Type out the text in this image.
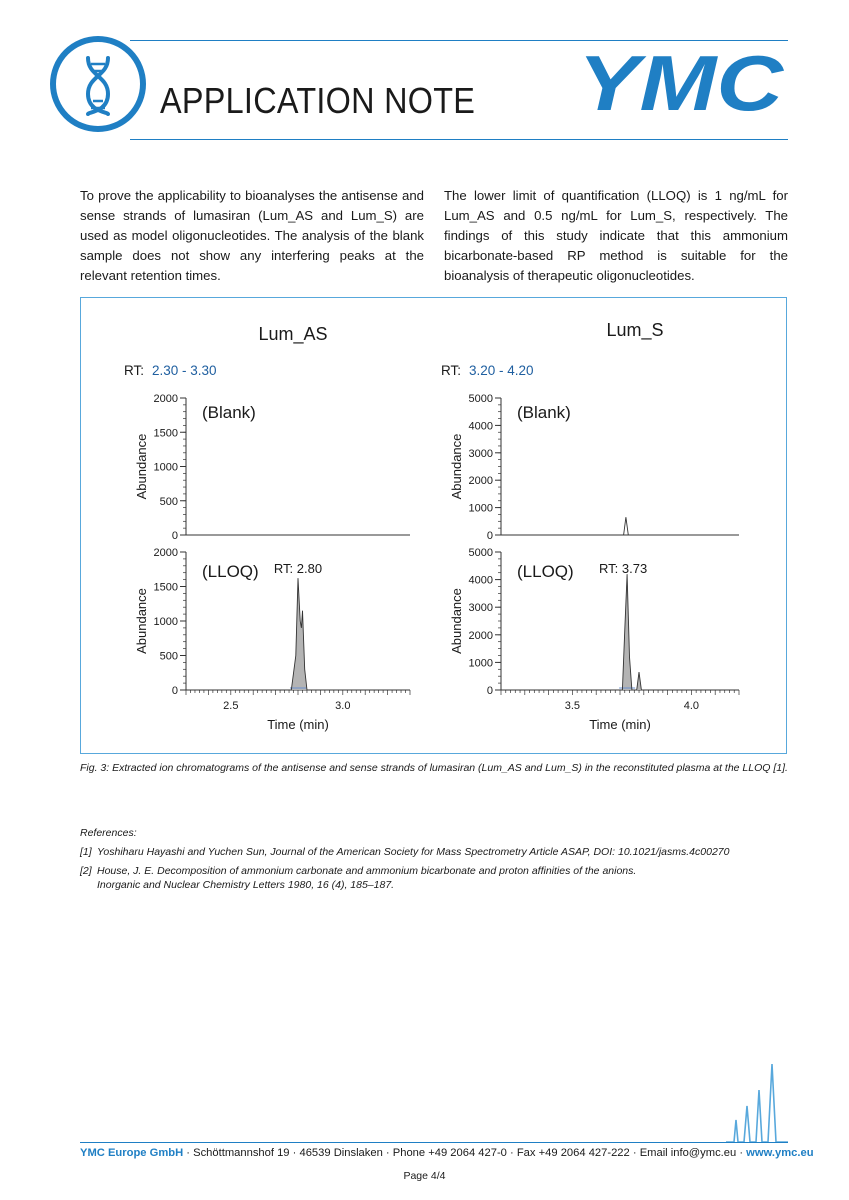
APPLICATION NOTE YMC
To prove the applicability to bioanalyses the antisense and sense strands of lumasiran (Lum_AS and Lum_S) are used as model oligonucleotides. The analysis of the blank sample does not show any interfering peaks at the relevant retention times.
The lower limit of quantification (LLOQ) is 1 ng/mL for Lum_AS and 0.5 ng/mL for Lum_S, respectively. The findings of this study indicate that this ammonium bicarbonate-based RP method is suitable for the bioanalysis of therapeutic oligonucleotides.
Lum_AS
RT: 2.30 - 3.30
0
500
1000
1500
2000
Abundance
(Blank)
0
500
1000
1500
2000
Abundance
(LLOQ) RT: 2.80
2.5	3.0
Time (min)
Lum_S
RT: 3.20 - 4.20
0
1000
2000
3000
4000
5000
Abundance
(Blank)
0
1000
2000
3000
4000
5000
Abundance
(LLOQ) RT: 3.73
3.5	4.0
Time (min)
Fig. 3: Extracted ion chromatograms of the antisense and sense strands of lumasiran (Lum_AS and Lum_S) in the reconstituted plasma at the LLOQ [1].
References:
[1] Yoshiharu Hayashi and Yuchen Sun, Journal of the American Society for Mass Spectrometry Article ASAP, DOI: 10.1021/jasms.4c00270
[2] House, J. E. Decomposition of ammonium carbonate and ammonium bicarbonate and proton affinities of the anions.
Inorganic and Nuclear Chemistry Letters 1980, 16 (4), 185–187.
YMC Europe GmbH · Schöttmannshof 19 · 46539 Dinslaken · Phone +49 2064 427-0 · Fax +49 2064 427-222 · Email info@ymc.eu · www.ymc.eu
Page 4/4
